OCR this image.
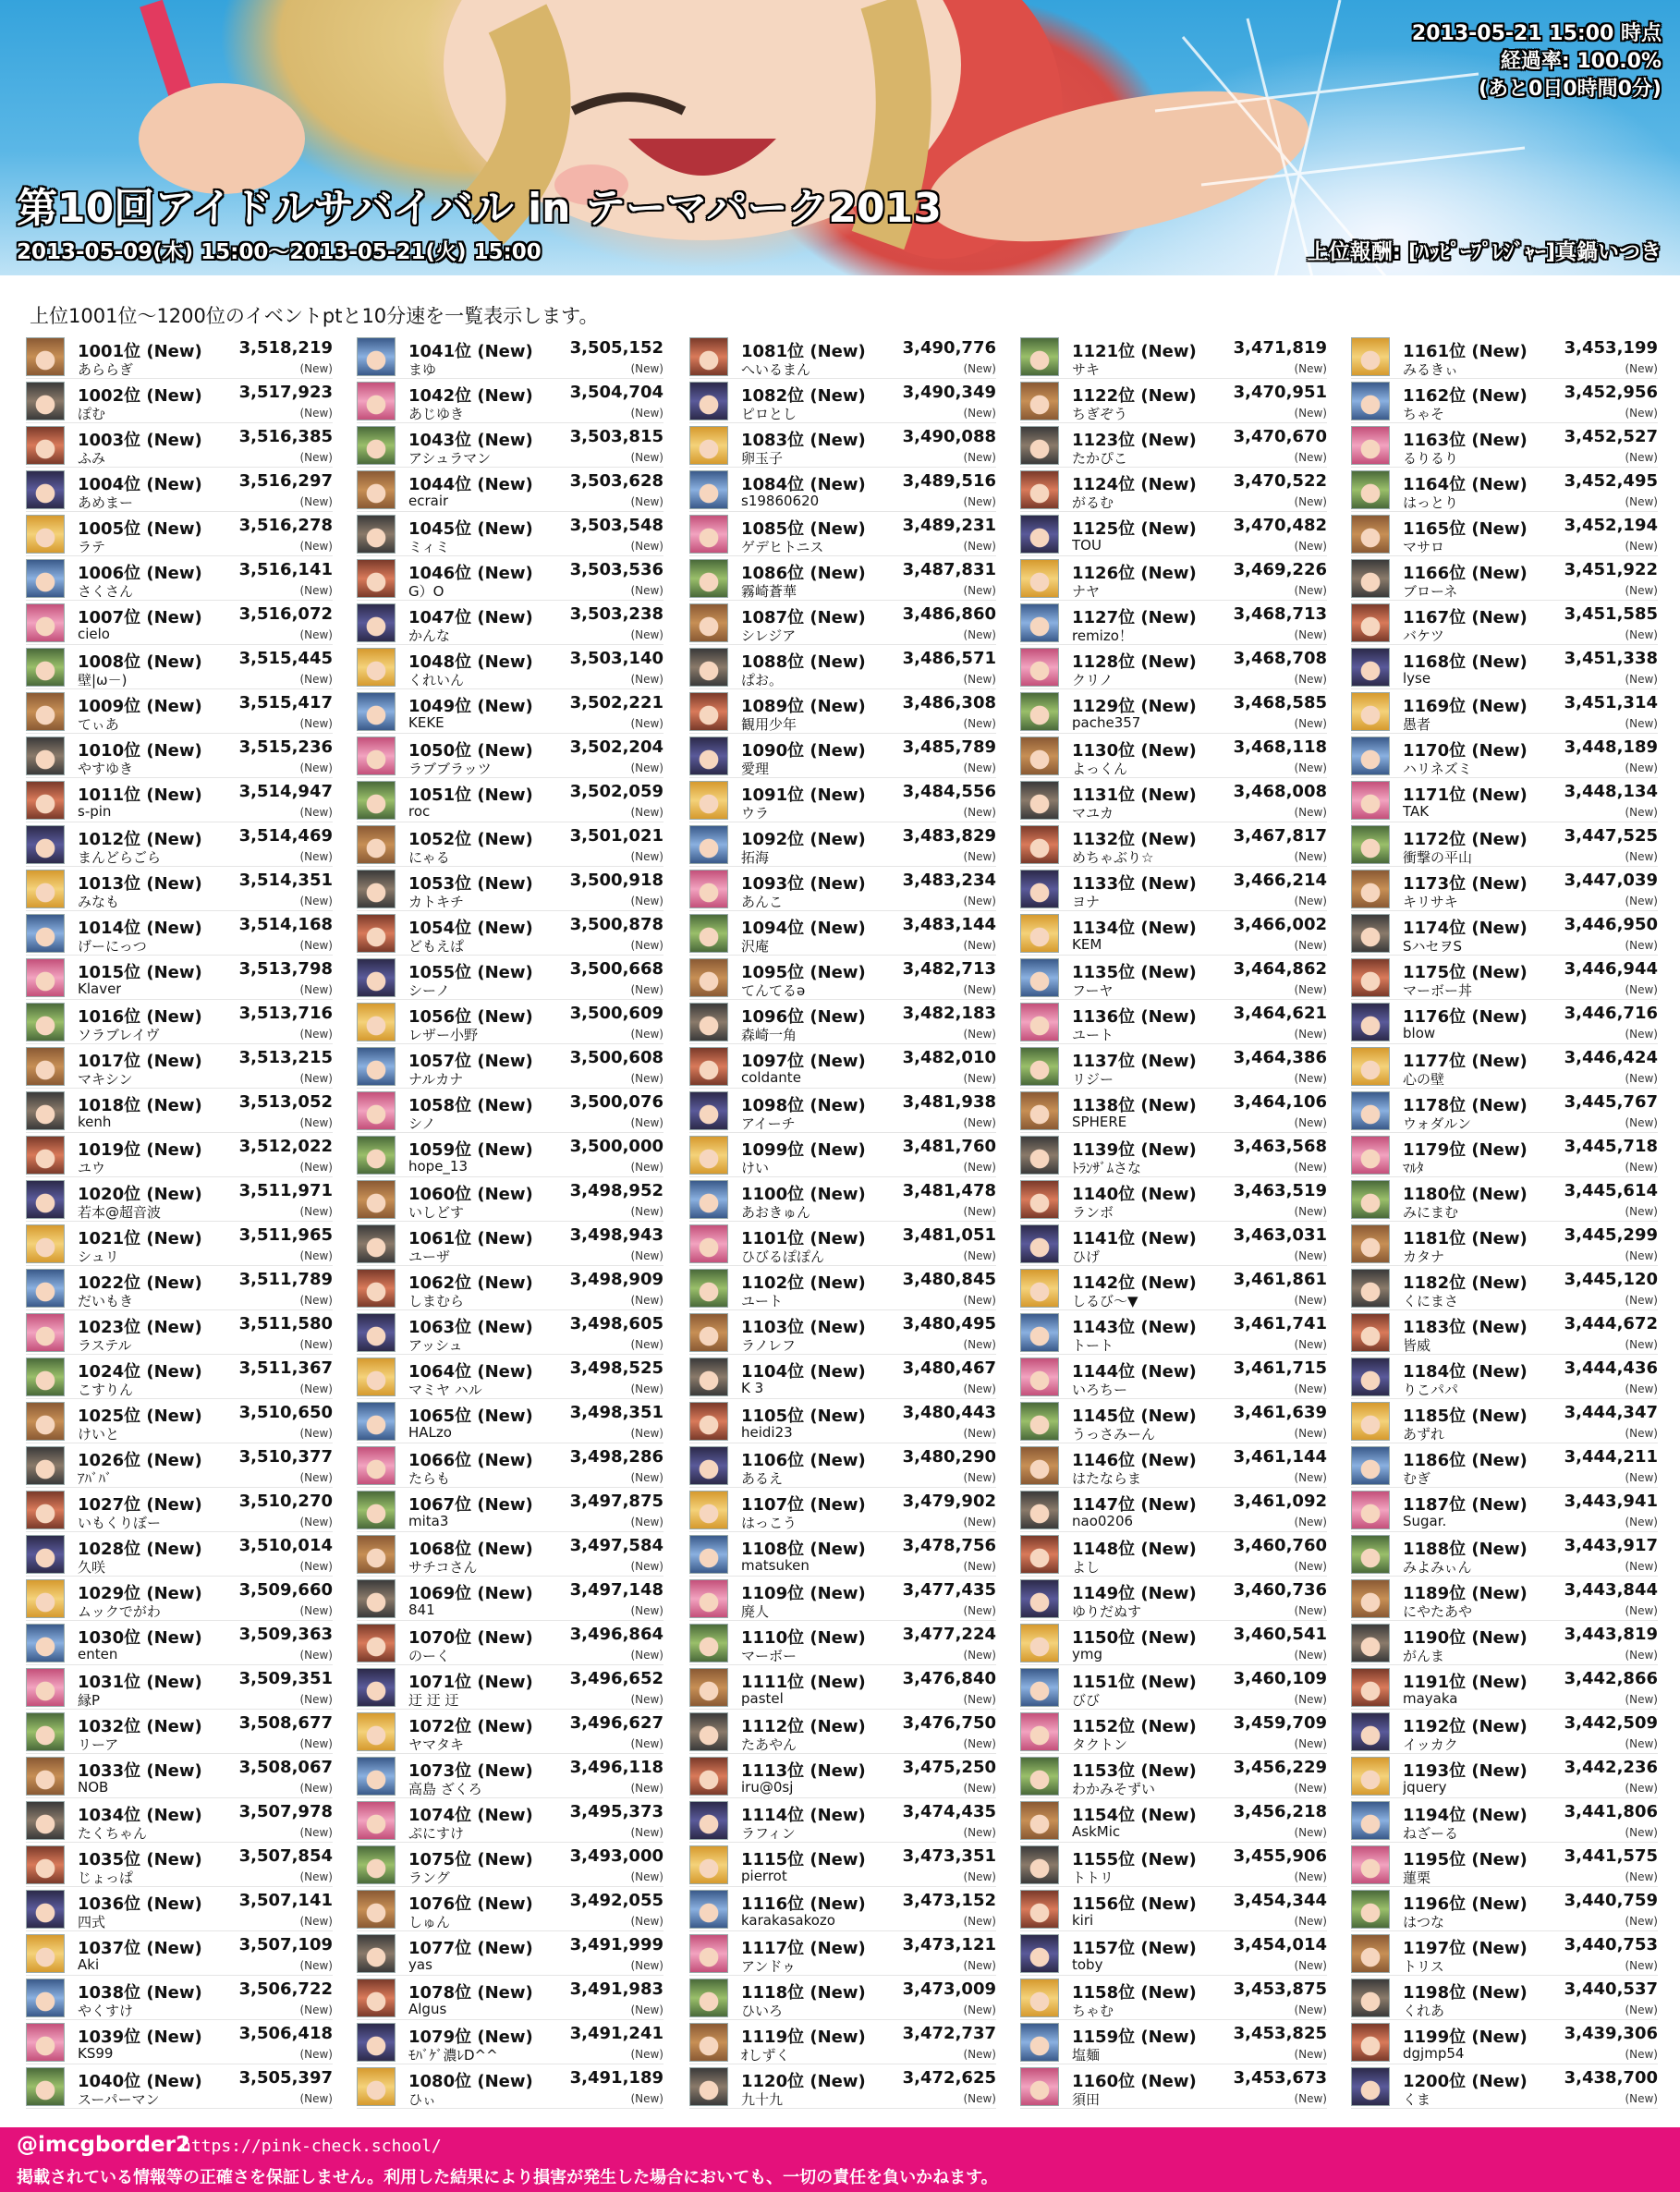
2013-05-21 15:00 時点
経過率: 100.0%
(あと0日0時間0分)
第10回アイドルサバイバル in テーマパーク2013
2013-05-09(木) 15:00～2013-05-21(火) 15:00	上位報酬: [ﾊｯﾋﾟｰﾌﾟﾚｼﾞｬｰ]真鍋いつき
上位1001位～1200位のイベントptと10分速を一覧表示します。
1001位 (New) 3,518,219
あららぎ	(New)
1002位 (New) 3,517,923
ぽむ	(New)
1003位 (New) 3,516,385
ふみ	(New)
1004位 (New) 3,516,297
あめまー	(New)
1005位 (New) 3,516,278
ラテ	(New)
1006位 (New) 3,516,141
さくさん	(New)
1007位 (New) 3,516,072
cielo	(New)
1008位 (New) 3,515,445
壁|ω－)	(New)
1009位 (New) 3,515,417
てぃあ	(New)
1010位 (New) 3,515,236
やすゆき	(New)
1011位 (New) 3,514,947
s-pin	(New)
1012位 (New) 3,514,469
まんどらごら	(New)
1013位 (New) 3,514,351
みなも	(New)
1014位 (New) 3,514,168
げーにっつ	(New)
1015位 (New) 3,513,798
Klaver	(New)
1016位 (New) 3,513,716
ソラブレイヴ	(New)
1017位 (New) 3,513,215
マキシン	(New)
1018位 (New) 3,513,052
kenh	(New)
1019位 (New) 3,512,022
ユウ	(New)
1020位 (New) 3,511,971
若本@超音波	(New)
1021位 (New) 3,511,965
シュリ	(New)
1022位 (New) 3,511,789
だいもき	(New)
1023位 (New) 3,511,580
ラステル	(New)
1024位 (New) 3,511,367
こすりん	(New)
1025位 (New) 3,510,650
けいと	(New)
1026位 (New) 3,510,377
ｱﾊﾞﾊﾞ	(New)
1027位 (New) 3,510,270
いもくりぼー	(New)
1028位 (New) 3,510,014
久咲	(New)
1029位 (New) 3,509,660
ムックでがわ	(New)
1030位 (New) 3,509,363
enten	(New)
1031位 (New) 3,509,351
縁P	(New)
1032位 (New) 3,508,677
リーア	(New)
1033位 (New) 3,508,067
NOB	(New)
1034位 (New) 3,507,978
たくちゃん	(New)
1035位 (New) 3,507,854
じょっぱ	(New)
1036位 (New) 3,507,141
四式	(New)
1037位 (New) 3,507,109
Aki	(New)
1038位 (New) 3,506,722
やくすけ	(New)
1039位 (New) 3,506,418
KS99	(New)
1040位 (New) 3,505,397
スーパーマン	(New)
1041位 (New) 3,505,152
まゆ	(New)
1042位 (New) 3,504,704
あじゆき	(New)
1043位 (New) 3,503,815
アシュラマン	(New)
1044位 (New) 3,503,628
ecrair	(New)
1045位 (New) 3,503,548
ミィミ	(New)
1046位 (New) 3,503,536
G）O	(New)
1047位 (New) 3,503,238
かんな	(New)
1048位 (New) 3,503,140
くれいん	(New)
1049位 (New) 3,502,221
KEKE	(New)
1050位 (New) 3,502,204
ラブブラッツ	(New)
1051位 (New) 3,502,059
roc	(New)
1052位 (New) 3,501,021
にゃる	(New)
1053位 (New) 3,500,918
カトキチ	(New)
1054位 (New) 3,500,878
どもえぱ	(New)
1055位 (New) 3,500,668
シーノ	(New)
1056位 (New) 3,500,609
レザー小野	(New)
1057位 (New) 3,500,608
ナルカナ	(New)
1058位 (New) 3,500,076
シノ	(New)
1059位 (New) 3,500,000
hope_13	(New)
1060位 (New) 3,498,952
いしどす	(New)
1061位 (New) 3,498,943
ユーザ	(New)
1062位 (New) 3,498,909
しまむら	(New)
1063位 (New) 3,498,605
アッシュ	(New)
1064位 (New) 3,498,525
マミヤ ハル	(New)
1065位 (New) 3,498,351
HALzo	(New)
1066位 (New) 3,498,286
たらも	(New)
1067位 (New) 3,497,875
mita3	(New)
1068位 (New) 3,497,584
サチコさん	(New)
1069位 (New) 3,497,148
841	(New)
1070位 (New) 3,496,864
のーく	(New)
1071位 (New) 3,496,652
迂 迂 迂	(New)
1072位 (New) 3,496,627
ヤマタキ	(New)
1073位 (New) 3,496,118
高島 ざくろ	(New)
1074位 (New) 3,495,373
ぷにすけ	(New)
1075位 (New) 3,493,000
ラング	(New)
1076位 (New) 3,492,055
しゅん	(New)
1077位 (New) 3,491,999
yas	(New)
1078位 (New) 3,491,983
Algus	(New)
1079位 (New) 3,491,241
ﾓﾊﾞｹﾞ濃ﾚD^^	(New)
1080位 (New) 3,491,189
ひぃ	(New)
1081位 (New) 3,490,776
へいるまん	(New)
1082位 (New) 3,490,349
ピロとし	(New)
1083位 (New) 3,490,088
卵玉子	(New)
1084位 (New) 3,489,516
s19860620	(New)
1085位 (New) 3,489,231
ゲデヒトニス	(New)
1086位 (New) 3,487,831
霧崎蒼華	(New)
1087位 (New) 3,486,860
シレジア	(New)
1088位 (New) 3,486,571
ぱお。	(New)
1089位 (New) 3,486,308
観用少年	(New)
1090位 (New) 3,485,789
愛理	(New)
1091位 (New) 3,484,556
ウラ	(New)
1092位 (New) 3,483,829
拓海	(New)
1093位 (New) 3,483,234
あんこ	(New)
1094位 (New) 3,483,144
沢庵	(New)
1095位 (New) 3,482,713
てんてるə	(New)
1096位 (New) 3,482,183
森崎一角	(New)
1097位 (New) 3,482,010
coldante	(New)
1098位 (New) 3,481,938
アイーチ	(New)
1099位 (New) 3,481,760
けい	(New)
1100位 (New) 3,481,478
あおきゅん	(New)
1101位 (New) 3,481,051
ひびるぽぽん	(New)
1102位 (New) 3,480,845
ユート	(New)
1103位 (New) 3,480,495
ラノレフ	(New)
1104位 (New) 3,480,467
K 3	(New)
1105位 (New) 3,480,443
heidi23	(New)
1106位 (New) 3,480,290
あるえ	(New)
1107位 (New) 3,479,902
はっこう	(New)
1108位 (New) 3,478,756
matsuken	(New)
1109位 (New) 3,477,435
廃人	(New)
1110位 (New) 3,477,224
マーボー	(New)
1111位 (New) 3,476,840
pastel	(New)
1112位 (New) 3,476,750
たあやん	(New)
1113位 (New) 3,475,250
iru@0sj	(New)
1114位 (New) 3,474,435
ラフィン	(New)
1115位 (New) 3,473,351
pierrot	(New)
1116位 (New) 3,473,152
karakasakozo	(New)
1117位 (New) 3,473,121
アンドゥ	(New)
1118位 (New) 3,473,009
ひいろ	(New)
1119位 (New) 3,472,737
ｵしずく	(New)
1120位 (New) 3,472,625
九十九	(New)
1121位 (New) 3,471,819
サキ	(New)
1122位 (New) 3,470,951
ちぎぞう	(New)
1123位 (New) 3,470,670
たかぴこ	(New)
1124位 (New) 3,470,522
がるむ	(New)
1125位 (New) 3,470,482
TOU	(New)
1126位 (New) 3,469,226
ナヤ	(New)
1127位 (New) 3,468,713
remizo！	(New)
1128位 (New) 3,468,708
クリノ	(New)
1129位 (New) 3,468,585
pache357	(New)
1130位 (New) 3,468,118
よっくん	(New)
1131位 (New) 3,468,008
マユカ	(New)
1132位 (New) 3,467,817
めちゃぶり☆	(New)
1133位 (New) 3,466,214
ヨナ	(New)
1134位 (New) 3,466,002
KEM	(New)
1135位 (New) 3,464,862
フーヤ	(New)
1136位 (New) 3,464,621
ユート	(New)
1137位 (New) 3,464,386
リジー	(New)
1138位 (New) 3,464,106
SPHERE	(New)
1139位 (New) 3,463,568
ﾄﾗﾝｻﾞﾑさな	(New)
1140位 (New) 3,463,519
ランボ	(New)
1141位 (New) 3,463,031
ひげ	(New)
1142位 (New) 3,461,861
しるび～▼	(New)
1143位 (New) 3,461,741
トート	(New)
1144位 (New) 3,461,715
いろちー	(New)
1145位 (New) 3,461,639
うっさみーん	(New)
1146位 (New) 3,461,144
はたならま	(New)
1147位 (New) 3,461,092
nao0206	(New)
1148位 (New) 3,460,760
よし	(New)
1149位 (New) 3,460,736
ゆりだぬす	(New)
1150位 (New) 3,460,541
ymg	(New)
1151位 (New) 3,460,109
びび	(New)
1152位 (New) 3,459,709
タクトン	(New)
1153位 (New) 3,456,229
わかみそずい	(New)
1154位 (New) 3,456,218
AskMic	(New)
1155位 (New) 3,455,906
トトリ	(New)
1156位 (New) 3,454,344
kiri	(New)
1157位 (New) 3,454,014
toby	(New)
1158位 (New) 3,453,875
ちゃむ	(New)
1159位 (New) 3,453,825
塩麺	(New)
1160位 (New) 3,453,673
須田	(New)
1161位 (New) 3,453,199
みるきぃ	(New)
1162位 (New) 3,452,956
ちゃそ	(New)
1163位 (New) 3,452,527
るりるり	(New)
1164位 (New) 3,452,495
はっとり	(New)
1165位 (New) 3,452,194
マサロ	(New)
1166位 (New) 3,451,922
ブローネ	(New)
1167位 (New) 3,451,585
バケツ	(New)
1168位 (New) 3,451,338
lyse	(New)
1169位 (New) 3,451,314
愚者	(New)
1170位 (New) 3,448,189
ハリネズミ	(New)
1171位 (New) 3,448,134
TAK	(New)
1172位 (New) 3,447,525
衝撃の平山	(New)
1173位 (New) 3,447,039
キリサキ	(New)
1174位 (New) 3,446,950
SハセヲS	(New)
1175位 (New) 3,446,944
マーボー丼	(New)
1176位 (New) 3,446,716
blow	(New)
1177位 (New) 3,446,424
心の壁	(New)
1178位 (New) 3,445,767
ウォダルン	(New)
1179位 (New) 3,445,718
ﾏﾙﾀ	(New)
1180位 (New) 3,445,614
みにまむ	(New)
1181位 (New) 3,445,299
カタナ	(New)
1182位 (New) 3,445,120
くにまさ	(New)
1183位 (New) 3,444,672
皆威	(New)
1184位 (New) 3,444,436
りこパパ	(New)
1185位 (New) 3,444,347
あずれ	(New)
1186位 (New) 3,444,211
むぎ	(New)
1187位 (New) 3,443,941
Sugar.	(New)
1188位 (New) 3,443,917
みよみぃん	(New)
1189位 (New) 3,443,844
にやたあや	(New)
1190位 (New) 3,443,819
がんま	(New)
1191位 (New) 3,442,866
mayaka	(New)
1192位 (New) 3,442,509
イッカク	(New)
1193位 (New) 3,442,236
jquery	(New)
1194位 (New) 3,441,806
ねざーる	(New)
1195位 (New) 3,441,575
蓮栗	(New)
1196位 (New) 3,440,759
はつな	(New)
1197位 (New) 3,440,753
トリス	(New)
1198位 (New) 3,440,537
くれあ	(New)
1199位 (New) 3,439,306
dgjmp54	(New)
1200位 (New) 3,438,700
くま	(New)
@imcgborder2
https://pink-check.school/
掲載されている情報等の正確さを保証しません。利用した結果により損害が発生した場合においても、一切の責任を負いかねます。
